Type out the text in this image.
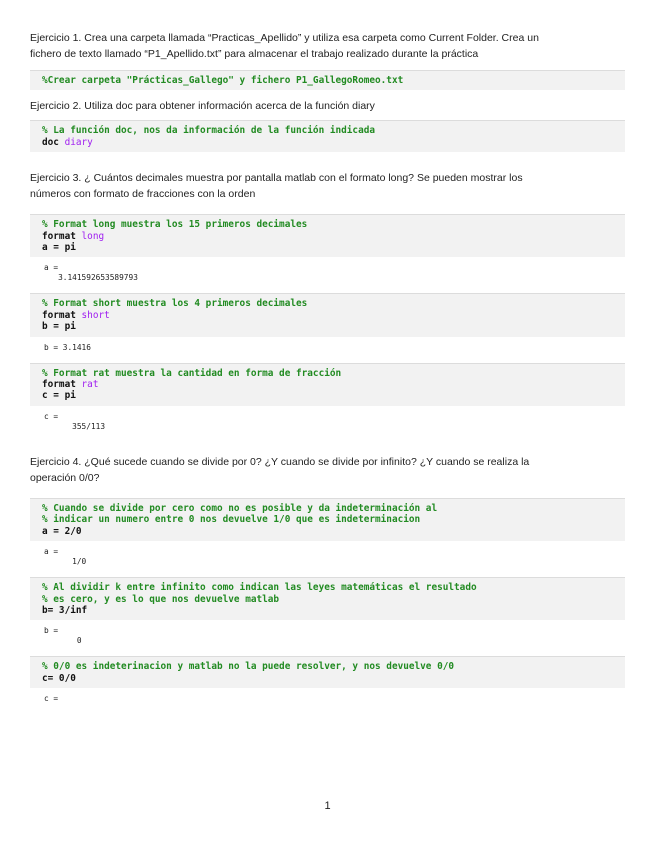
Ejercicio 1. Crea una carpeta llamada “Practicas_Apellido” y utiliza esa carpeta como Current Folder. Crea un
fichero de texto llamado “P1_Apellido.txt” para almacenar el trabajo realizado durante la práctica

%Crear carpeta "Prácticas_Gallego" y fichero P1_GallegoRomeo.txt

Ejercicio 2. Utiliza doc para obtener información acerca de la función diary

% La función doc, nos da información de la función indicada
doc diary

Ejercicio 3. ¿ Cuántos decimales muestra por pantalla matlab con el formato long? Se pueden mostrar los
números con formato de fracciones con la orden

% Format long muestra los 15 primeros decimales
format long
a = pi
a =
3.141592653589793
% Format short muestra los 4 primeros decimales
format short
b = pi
b = 3.1416
% Format rat muestra la cantidad en forma de fracción
format rat
c = pi
c =
355/113

Ejercicio 4. ¿Qué sucede cuando se divide por 0? ¿Y cuando se divide por infinito? ¿Y cuando se realiza la
operación 0/0?

% Cuando se divide por cero como no es posible y da indeterminación al
% indicar un numero entre 0 nos devuelve 1/0 que es indeterminacion
a = 2/0
a =
1/0
% Al dividir k entre infinito como indican las leyes matemáticas el resultado
% es cero, y es lo que nos devuelve matlab
b= 3/inf
b =
0
% 0/0 es indeterinacion y matlab no la puede resolver, y nos devuelve 0/0
c= 0/0
c =
1
